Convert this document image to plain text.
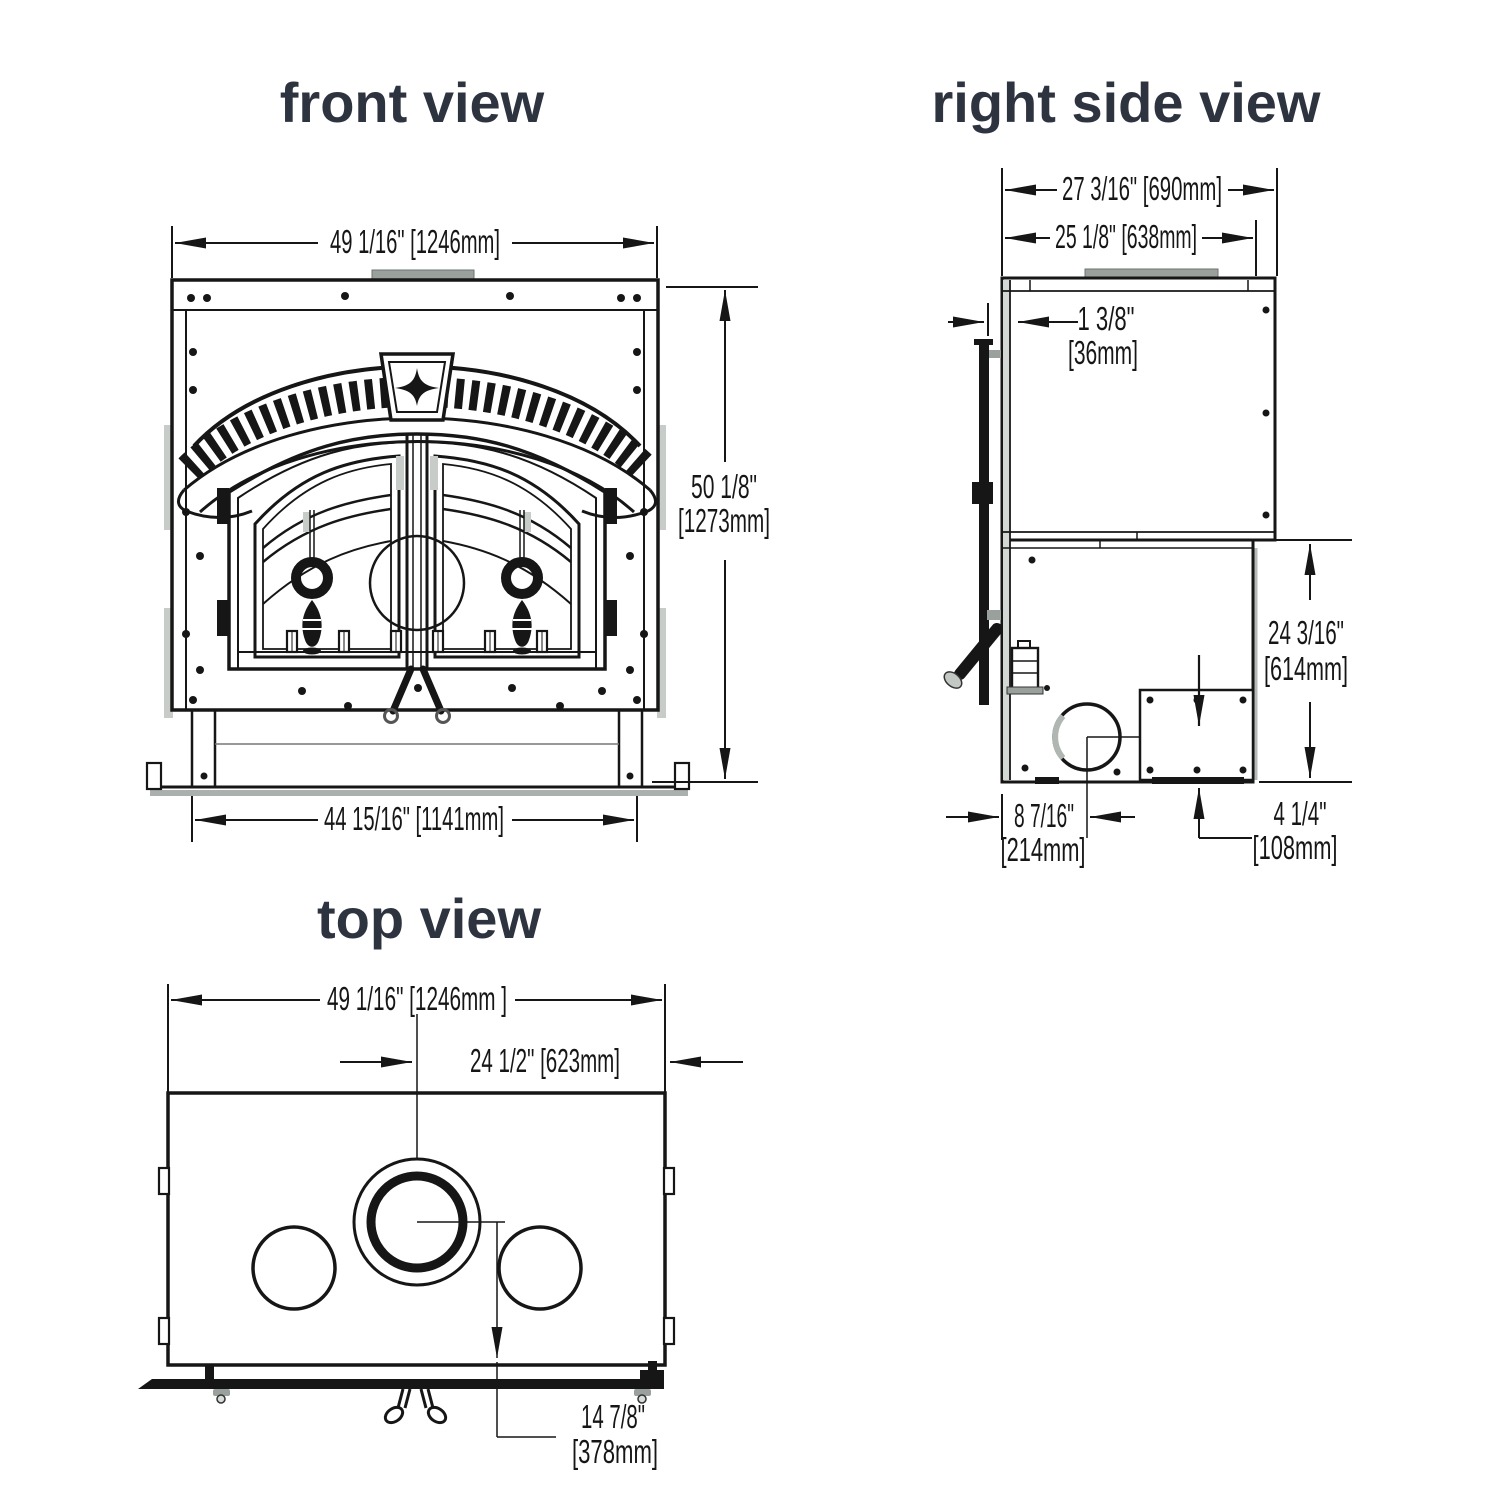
front view	right side view
top view
49 1/16" [1246mm]
50 1/8"
[1273mm]
44 15/16" [1141mm]
27 3/16" [690mm]
25 1/8" [638mm]
1 3/8"
[36mm]
24 3/16"
[614mm]
8 7/16"
[214mm]
4 1/4"
[108mm]
49 1/16" [1246mm ]
24 1/2" [623mm]
14 7/8"
[378mm]
